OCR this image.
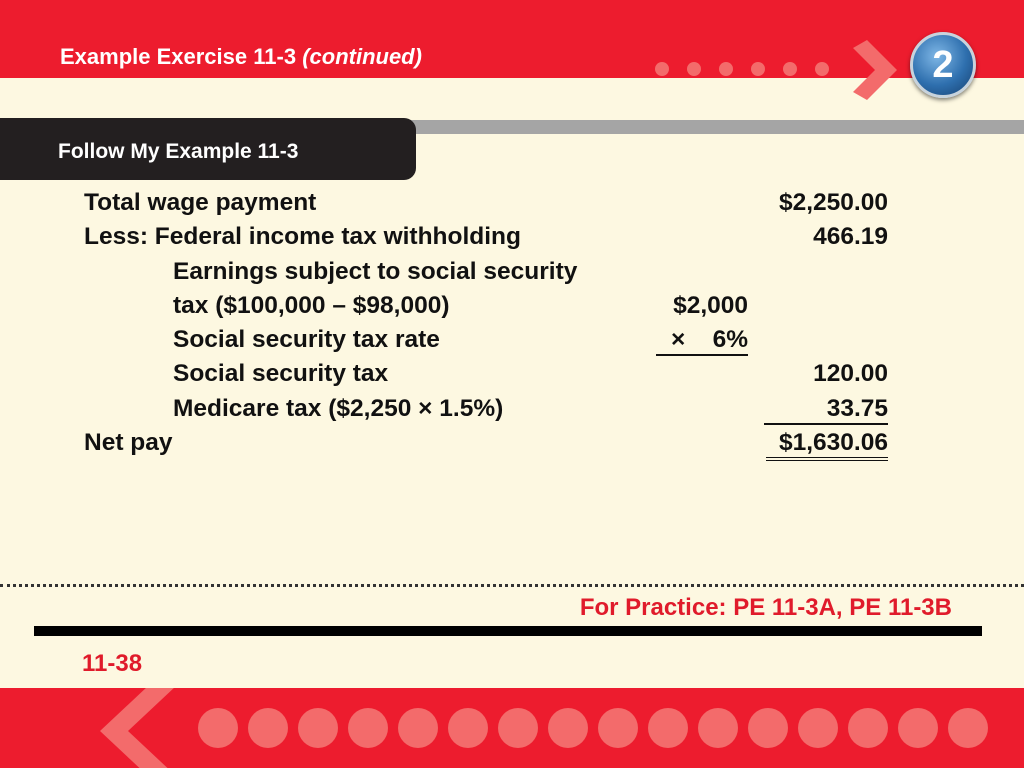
Example Exercise 11-3 (continued)	2
Follow My Example 11-3
Total wage payment	$2,250.00
Less: Federal income tax withholding	466.19
Earnings subject to social security
tax ($100,000 – $98,000)	$2,000
Social security tax rate	×    6%
Social security tax	120.00
Medicare tax ($2,250 × 1.5%)	33.75
Net pay	$1,630.06
For Practice: PE 11-3A, PE 11-3B
11-38
